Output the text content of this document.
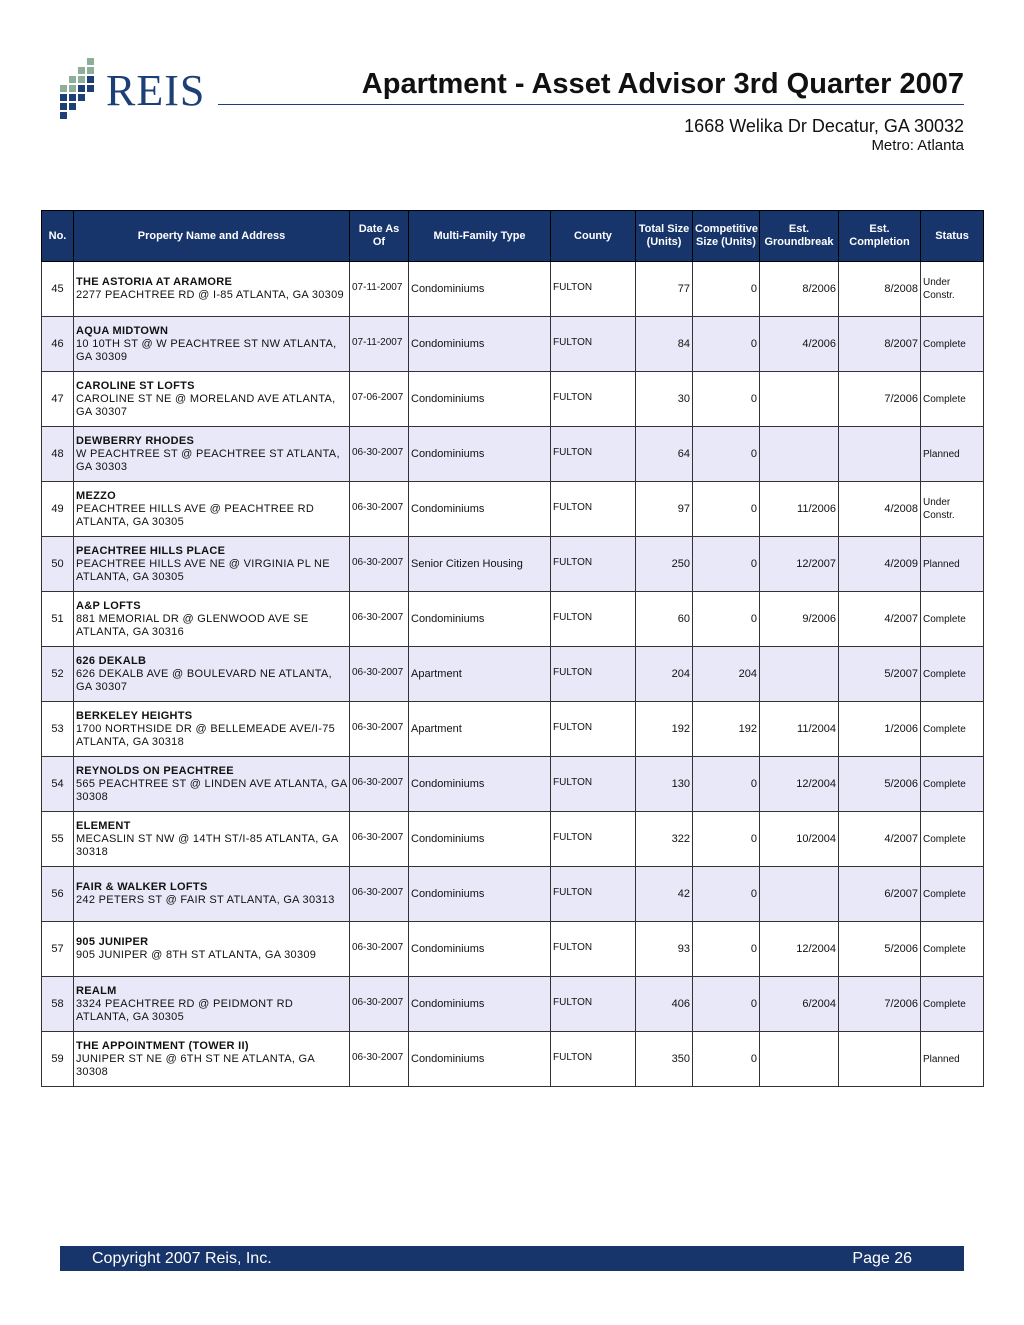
REIS	Apartment - Asset Advisor 3rd Quarter 2007
1668 Welika Dr Decatur, GA 30032
Metro: Atlanta
No.	Property Name and Address	Date As Of	Multi-Family Type	County	Total Size (Units)	Competitive Size (Units)	Est. Groundbreak	Est. Completion	Status
45	THE ASTORIA AT ARAMORE
2277 PEACHTREE RD @ I-85 ATLANTA, GA 30309	07-11-2007	Condominiums	FULTON	77	0	8/2006	8/2008	Under Constr.
46	AQUA MIDTOWN
10 10TH ST @ W PEACHTREE ST NW ATLANTA, GA 30309	07-11-2007	Condominiums	FULTON	84	0	4/2006	8/2007	Complete
47	CAROLINE ST LOFTS
CAROLINE ST NE @ MORELAND AVE ATLANTA, GA 30307	07-06-2007	Condominiums	FULTON	30	0		7/2006	Complete
48	DEWBERRY RHODES
W PEACHTREE ST @ PEACHTREE ST ATLANTA, GA 30303	06-30-2007	Condominiums	FULTON	64	0			Planned
49	MEZZO
PEACHTREE HILLS AVE @ PEACHTREE RD ATLANTA, GA 30305	06-30-2007	Condominiums	FULTON	97	0	11/2006	4/2008	Under Constr.
50	PEACHTREE HILLS PLACE
PEACHTREE HILLS AVE NE @ VIRGINIA PL NE ATLANTA, GA 30305	06-30-2007	Senior Citizen Housing	FULTON	250	0	12/2007	4/2009	Planned
51	A&P LOFTS
881 MEMORIAL DR @ GLENWOOD AVE SE ATLANTA, GA 30316	06-30-2007	Condominiums	FULTON	60	0	9/2006	4/2007	Complete
52	626 DEKALB
626 DEKALB AVE @ BOULEVARD NE ATLANTA, GA 30307	06-30-2007	Apartment	FULTON	204	204		5/2007	Complete
53	BERKELEY HEIGHTS
1700 NORTHSIDE DR @ BELLEMEADE AVE/I-75 ATLANTA, GA 30318	06-30-2007	Apartment	FULTON	192	192	11/2004	1/2006	Complete
54	REYNOLDS ON PEACHTREE
565 PEACHTREE ST @ LINDEN AVE ATLANTA, GA 30308	06-30-2007	Condominiums	FULTON	130	0	12/2004	5/2006	Complete
55	ELEMENT
MECASLIN ST NW @ 14TH ST/I-85 ATLANTA, GA 30318	06-30-2007	Condominiums	FULTON	322	0	10/2004	4/2007	Complete
56	FAIR & WALKER LOFTS
242 PETERS ST @ FAIR ST ATLANTA, GA 30313	06-30-2007	Condominiums	FULTON	42	0		6/2007	Complete
57	905 JUNIPER
905 JUNIPER @ 8TH ST ATLANTA, GA 30309	06-30-2007	Condominiums	FULTON	93	0	12/2004	5/2006	Complete
58	REALM
3324 PEACHTREE RD @ PEIDMONT RD ATLANTA, GA 30305	06-30-2007	Condominiums	FULTON	406	0	6/2004	7/2006	Complete
59	THE APPOINTMENT (TOWER II)
JUNIPER ST NE @ 6TH ST NE ATLANTA, GA 30308	06-30-2007	Condominiums	FULTON	350	0			Planned
Copyright 2007 Reis, Inc.	Page 26
